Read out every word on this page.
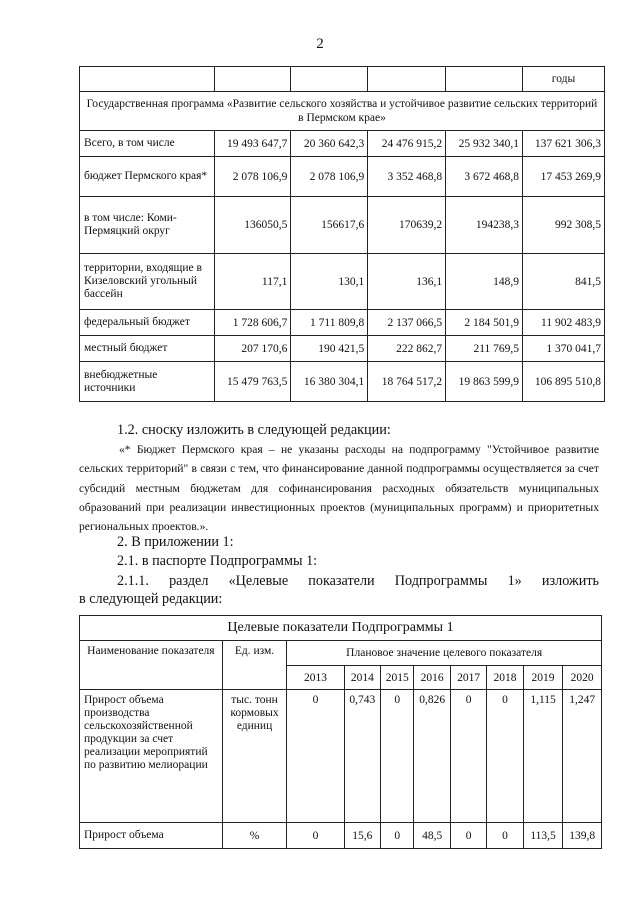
2
					годы
Государственная программа «Развитие сельского хозяйства и устойчивое развитие сельских территорий в Пермском крае»					
Всего, в том числе	19 493 647,7	20 360 642,3	24 476 915,2	25 932 340,1	137 621 306,3
бюджет Пермского края*	2 078 106,9	2 078 106,9	3 352 468,8	3 672 468,8	17 453 269,9
в том числе: Коми-Пермяцкий округ	136050,5	156617,6	170639,2	194238,3	992 308,5
территории, входящие в Кизеловский угольный бассейн	117,1	130,1	136,1	148,9	841,5
федеральный бюджет	1 728 606,7	1 711 809,8	2 137 066,5	2 184 501,9	11 902 483,9
местный бюджет	207 170,6	190 421,5	222 862,7	211 769,5	1 370 041,7
внебюджетные источники	15 479 763,5	16 380 304,1	18 764 517,2	19 863 599,9	106 895 510,8
1.2. сноску изложить в следующей редакции:
«* Бюджет Пермского края – не указаны расходы на подпрограмму "Устойчивое развитие сельских территорий" в связи с тем, что финансирование данной подпрограммы осуществляется за счет субсидий местным бюджетам для софинансирования расходных обязательств муниципальных образований при реализации инвестиционных проектов (муниципальных программ) и приоритетных региональных проектов.».
2. В приложении 1:
2.1. в паспорте Подпрограммы 1:
2.1.1. раздел «Целевые показатели Подпрограммы 1» изложить
в следующей редакции:
Целевые показатели Подпрограммы 1									
Наименование показателя	Ед. изм.	Плановое значение целевого показателя							
		2013	2014	2015	2016	2017	2018	2019	2020
Прирост объема производства сельскохозяйственной продукции за счет реализации мероприятий по развитию мелиорации	тыс. тонн кормовых единиц	0	0,743	0	0,826	0	0	1,115	1,247
Прирост объема	%	0	15,6	0	48,5	0	0	113,5	139,8
